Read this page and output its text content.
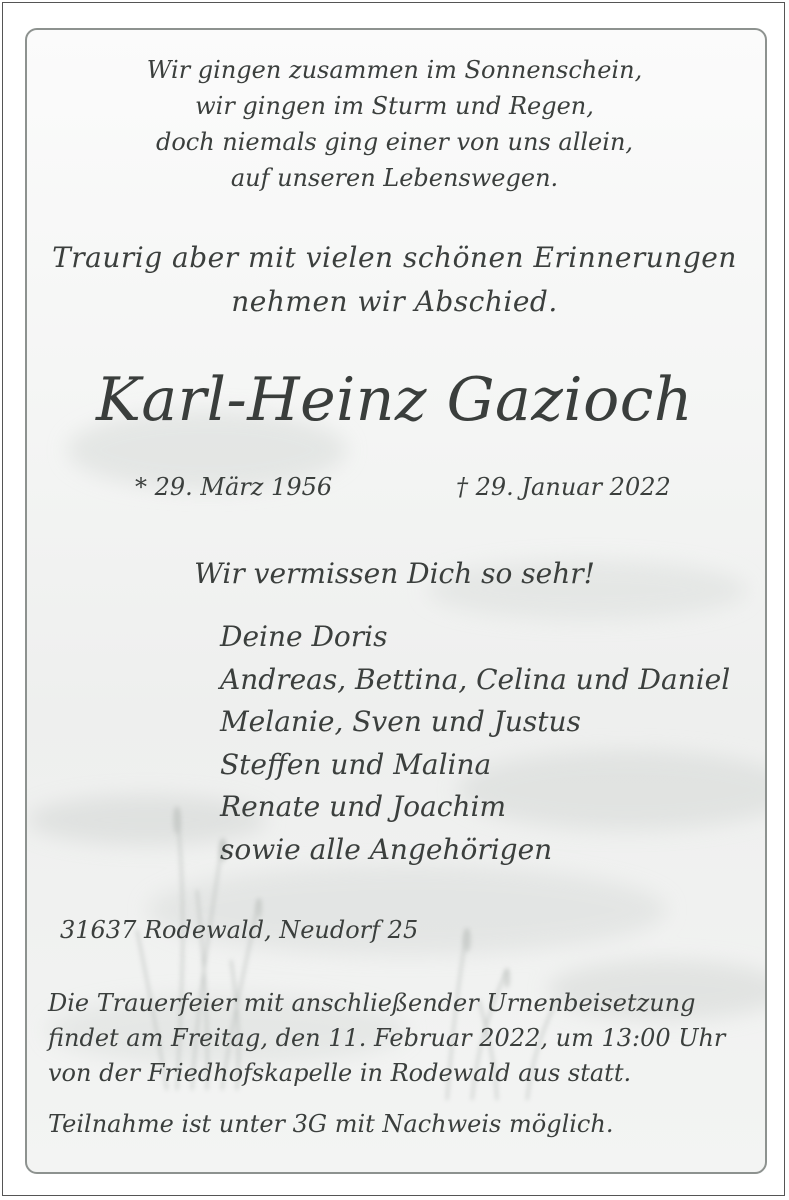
Wir gingen zusammen im Sonnenschein,
wir gingen im Sturm und Regen,
doch niemals ging einer von uns allein,
auf unseren Lebenswegen.

Traurig aber mit vielen schönen Erinnerungen
nehmen wir Abschied.

Karl-Heinz Gazioch

* 29. März 1956	† 29. Januar 2022

Wir vermissen Dich so sehr!

Deine Doris
Andreas, Bettina, Celina und Daniel
Melanie, Sven und Justus
Steffen und Malina
Renate und Joachim
sowie alle Angehörigen

31637 Rodewald, Neudorf 25

Die Trauerfeier mit anschließender Urnenbeisetzung
findet am Freitag, den 11. Februar 2022, um 13:00 Uhr
von der Friedhofskapelle in Rodewald aus statt.

Teilnahme ist unter 3G mit Nachweis möglich.
